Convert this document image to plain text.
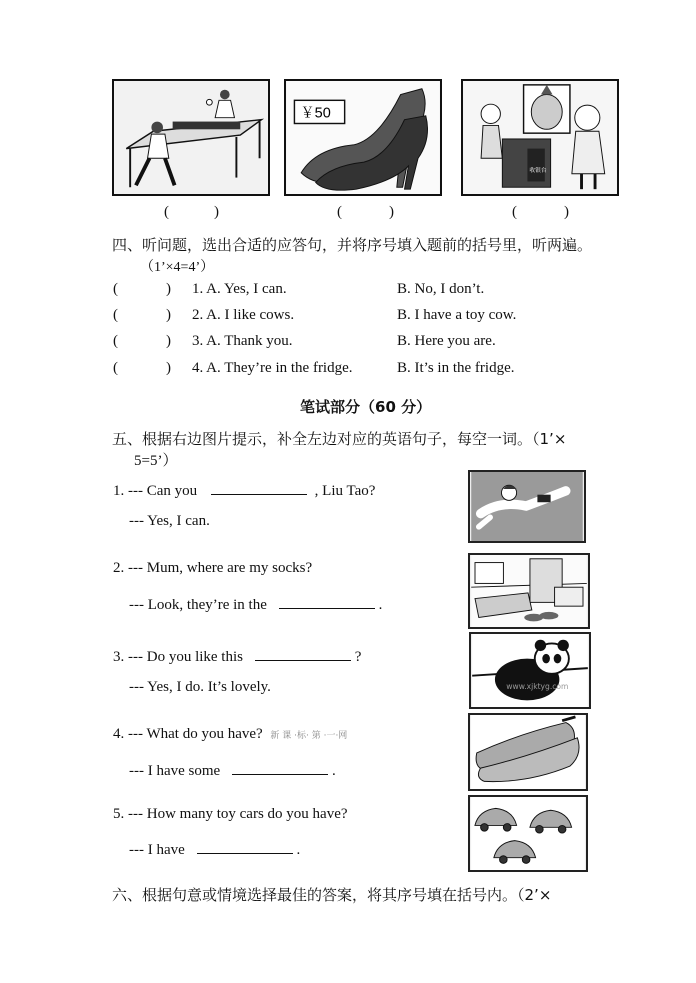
￥50
收银台
(	)	(	)	(	)
四、听问题，选出合适的应答句，并将序号填入题前的括号里，听两遍。
（1’×4=4’）
(	) 1. A. Yes, I can.	B. No, I don’t.
(	) 2. A. I like cows.	B. I have a toy cow.
(	) 3. A. Thank you.	B. Here you are.
(	) 4. A. They’re in the fridge.	B. It’s in the fridge.
笔试部分（60 分）
五、根据右边图片提示，补全左边对应的英语句子，每空一词。（1’×
5=5’）
1. --- Can you	, Liu Tao?
--- Yes, I can.
2. --- Mum, where are my socks?
--- Look, they’re in the	.
3. --- Do you like this	?
--- Yes, I do. It’s lovely.
4. --- What do you have? 新 课 ·标· 第 ·一·网
--- I have some	.
5. --- How many toy cars do you have?
--- I have	.
www.xjktyg.com
六、根据句意或情境选择最佳的答案，将其序号填在括号内。（2’×
